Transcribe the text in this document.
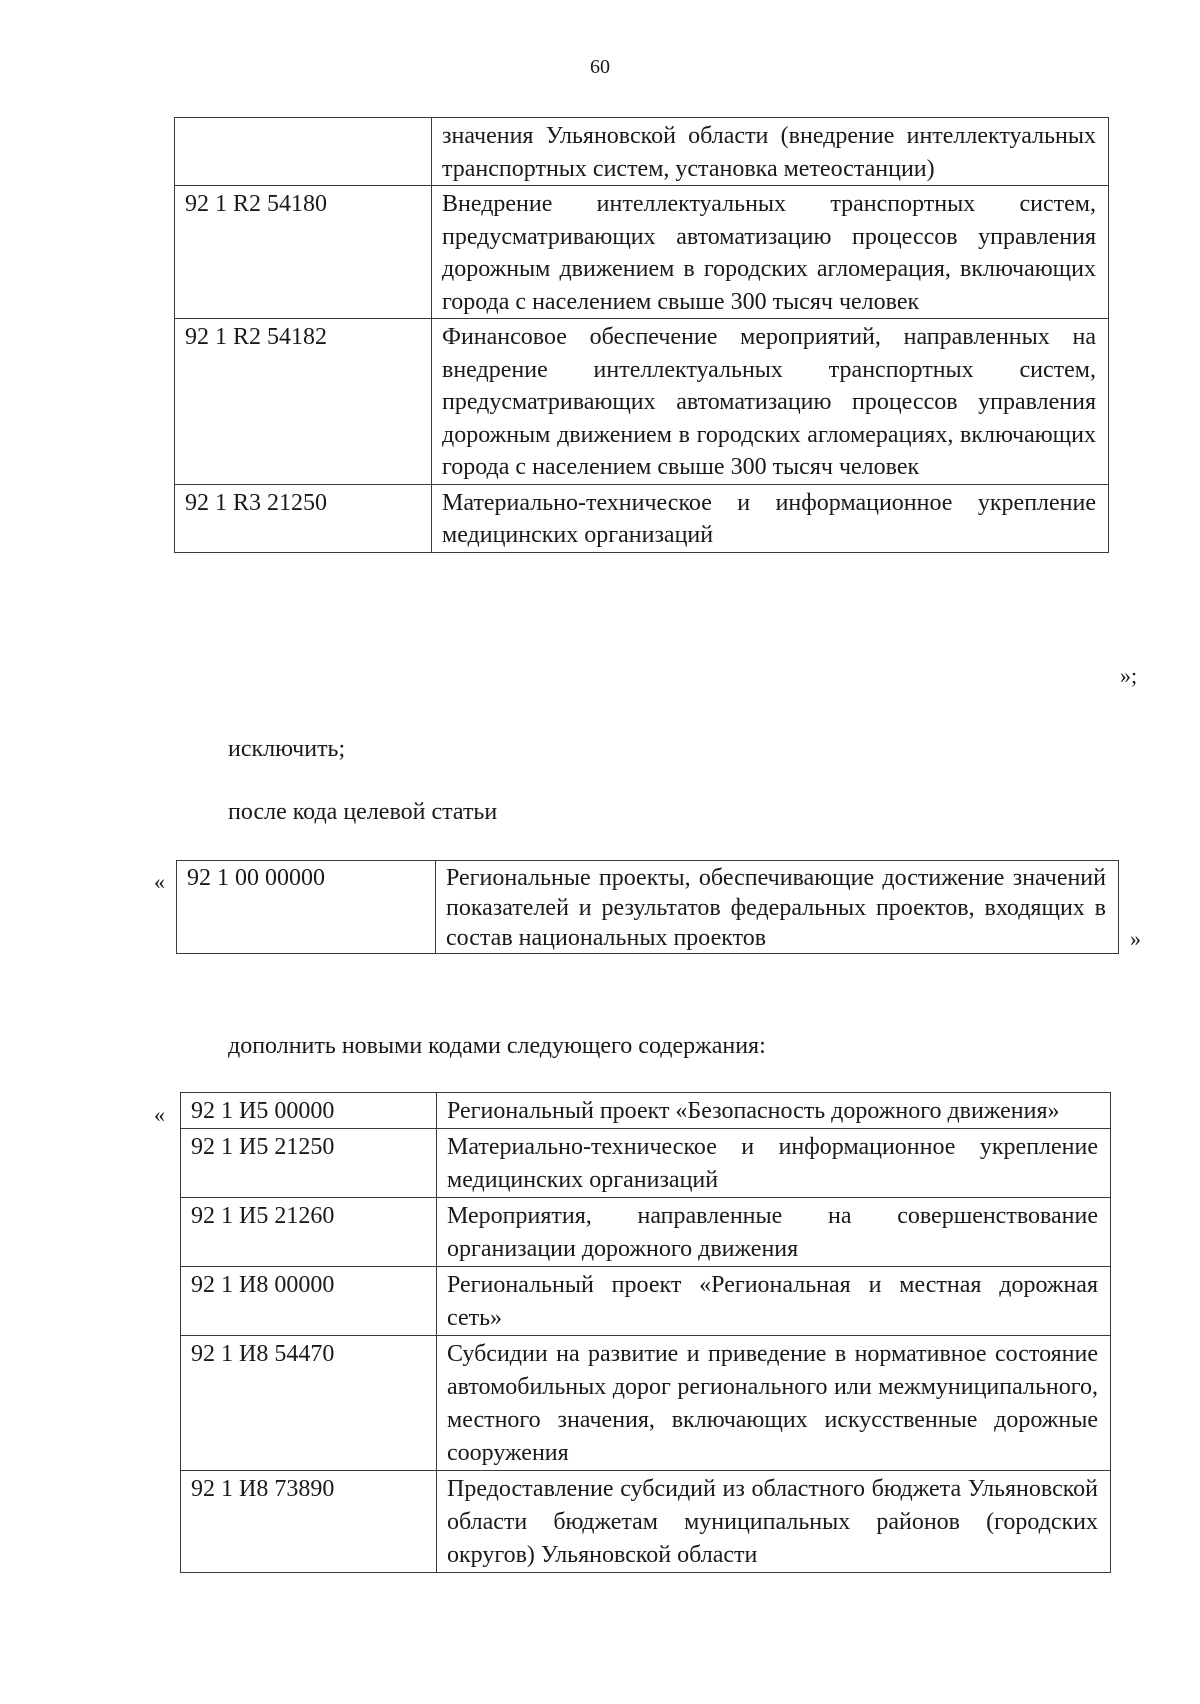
60
	значения Ульяновской области (внедрение интеллектуальных транспортных систем, установка метеостанции)
92 1 R2 54180	Внедрение интеллектуальных транспортных систем, предусматривающих автоматизацию процессов управления дорожным движением в городских агломерация, включающих города с населением свыше 300 тысяч человек
92 1 R2 54182	Финансовое обеспечение мероприятий, направленных на внедрение интеллектуальных транспортных систем, предусматривающих автоматизацию процессов управления дорожным движением в городских агломерациях, включающих города с населением свыше 300 тысяч человек
92 1 R3 21250	Материально-техническое и информационное укрепление медицинских организаций
»;
исключить;
после кода целевой статьи
« 92 1 00 00000	Региональные проекты, обеспечивающие достижение значений показателей и результатов федеральных проектов, входящих в состав национальных проектов	»
дополнить новыми кодами следующего содержания:
« 92 1 И5 00000	Региональный проект «Безопасность дорожного движения»
92 1 И5 21250	Материально-техническое и информационное укрепление медицинских организаций
92 1 И5 21260	Мероприятия, направленные на совершенствование организации дорожного движения
92 1 И8 00000	Региональный проект «Региональная и местная дорожная сеть»
92 1 И8 54470	Субсидии на развитие и приведение в нормативное состояние автомобильных дорог регионального или межмуниципального, местного значения, включающих искусственные дорожные сооружения
92 1 И8 73890	Предоставление субсидий из областного бюджета Ульяновской области бюджетам муниципальных районов (городских округов) Ульяновской области
